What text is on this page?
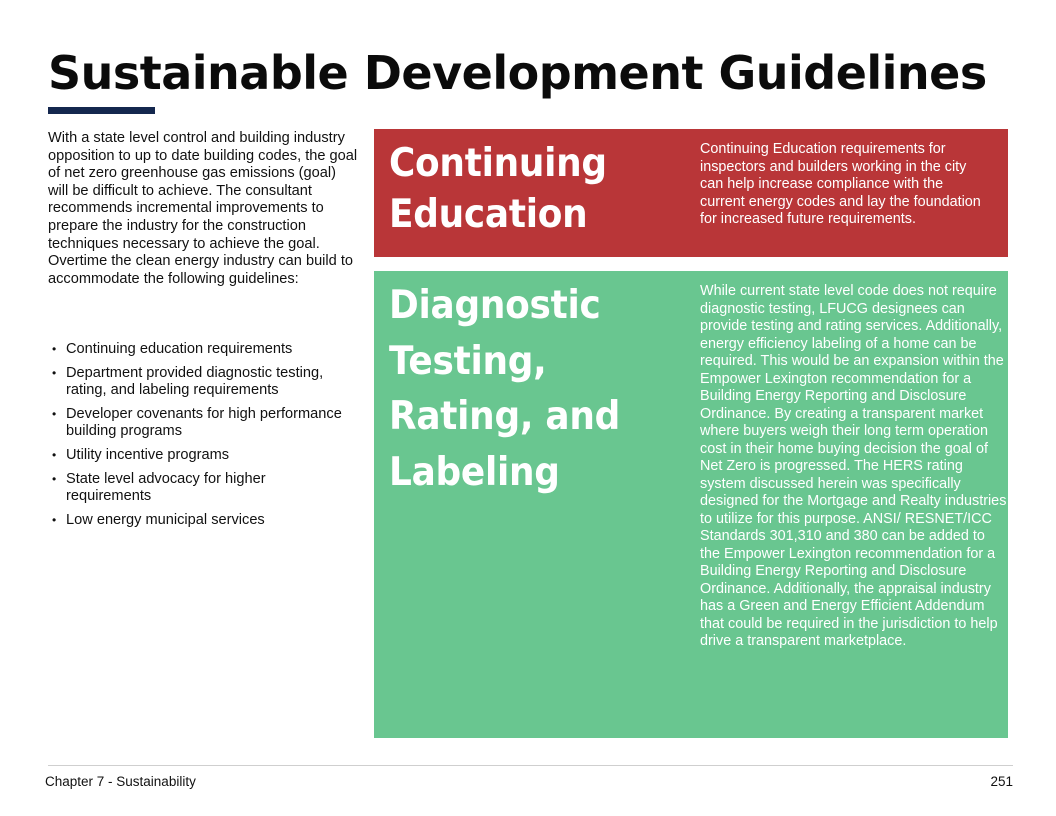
Sustainable Development Guidelines

With a state level control and building industry opposition to up to date building codes, the goal of net zero greenhouse gas emissions (goal) will be difficult to achieve. The consultant recommends incremental improvements to prepare the industry for the construction techniques necessary to achieve the goal. Overtime the clean energy industry can build to accommodate the following guidelines:

• Continuing education requirements
• Department provided diagnostic testing, rating, and labeling requirements
• Developer covenants for high performance building programs
• Utility incentive programs
• State level advocacy for higher requirements
• Low energy municipal services
Continuing Education

Continuing Education requirements for inspectors and builders working in the city can help increase compliance with the current energy codes and lay the foundation for increased future requirements.

Diagnostic Testing, Rating, and Labeling

While current state level code does not require diagnostic testing, LFUCG designees can provide testing and rating services. Additionally, energy efficiency labeling of a home can be required. This would be an expansion within the Empower Lexington recommendation for a Building Energy Reporting and Disclosure Ordinance. By creating a transparent market where buyers weigh their long term operation cost in their home buying decision the goal of Net Zero is progressed. The HERS rating system discussed herein was specifically designed for the Mortgage and Realty industries to utilize for this purpose. ANSI/ RESNET/ICC Standards 301,310 and 380 can be added to the Empower Lexington recommendation for a Building Energy Reporting and Disclosure Ordinance. Additionally, the appraisal industry has a Green and Energy Efficient Addendum that could be required in the jurisdiction to help drive a transparent marketplace.

Chapter 7 - Sustainability	251
